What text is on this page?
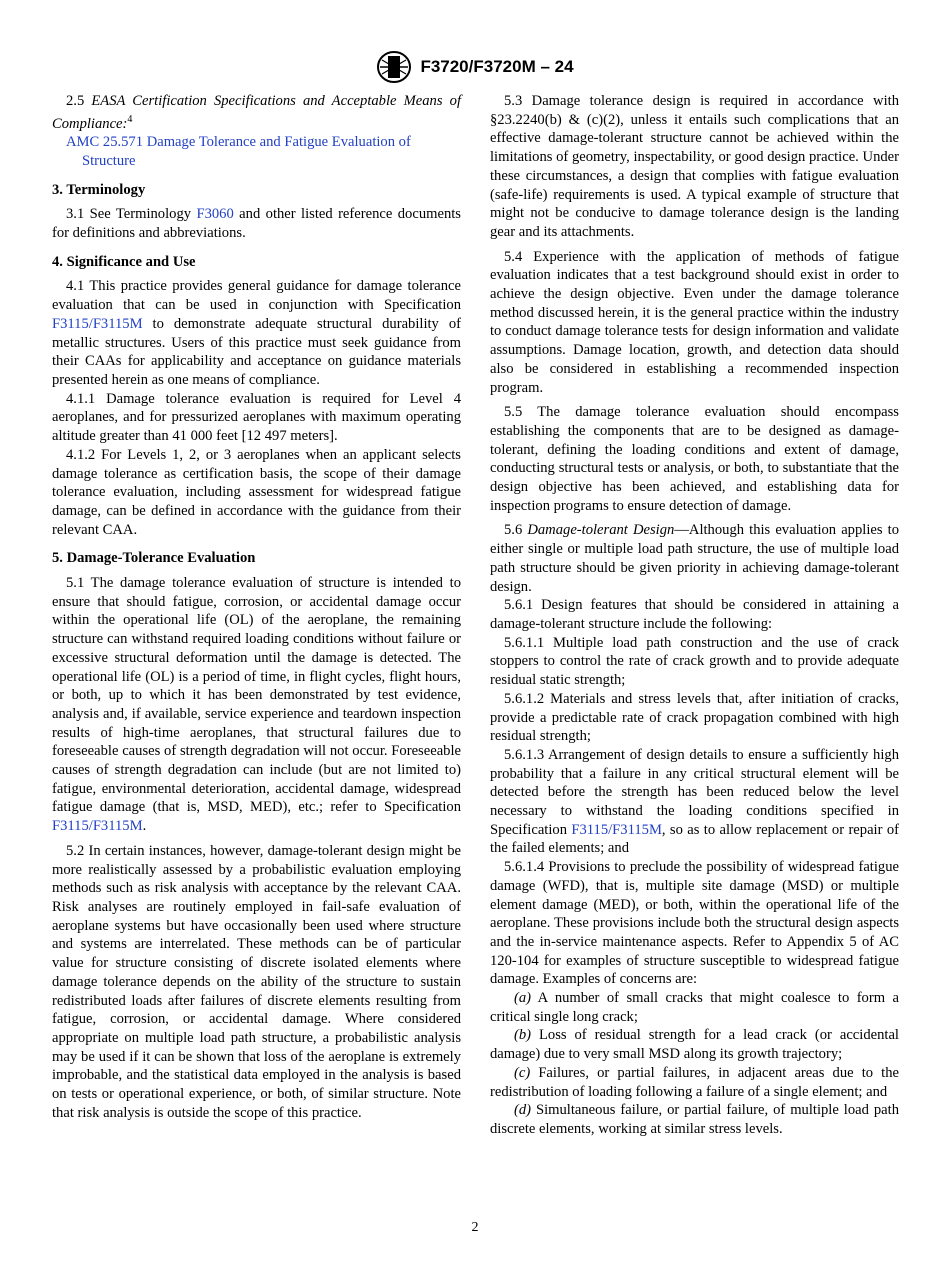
F3720/F3720M – 24

2.5 EASA Certification Specifications and Acceptable Means of Compliance:$^4$

AMC 25.571 Damage Tolerance and Fatigue Evaluation of Structure

3. Terminology

3.1 See Terminology F3060 and other listed reference documents for definitions and abbreviations.

4. Significance and Use

4.1 This practice provides general guidance for damage tolerance evaluation that can be used in conjunction with Specification F3115/F3115M to demonstrate adequate structural durability of metallic structures. Users of this practice must seek guidance from their CAAs for applicability and acceptance on guidance materials presented herein as one means of compliance.

4.1.1 Damage tolerance evaluation is required for Level 4 aeroplanes, and for pressurized aeroplanes with maximum operating altitude greater than 41 000 feet [12 497 meters].

4.1.2 For Levels 1, 2, or 3 aeroplanes when an applicant selects damage tolerance as certification basis, the scope of their damage tolerance evaluation, including assessment for widespread fatigue damage, can be defined in accordance with the guidance from their relevant CAA.

5. Damage-Tolerance Evaluation

5.1 The damage tolerance evaluation of structure is intended to ensure that should fatigue, corrosion, or accidental damage occur within the operational life (OL) of the aeroplane, the remaining structure can withstand required loading conditions without failure or excessive structural deformation until the damage is detected. The operational life (OL) is a period of time, in flight cycles, flight hours, or both, up to which it has been demonstrated by test evidence, analysis and, if available, service experience and teardown inspection results of high-time aeroplanes, that structural failures due to foreseeable causes of strength degradation will not occur. Foreseeable causes of strength degradation can include (but are not limited to) fatigue, environmental deterioration, accidental damage, widespread fatigue damage (that is, MSD, MED), etc.; refer to Specification F3115/F3115M.

5.2 In certain instances, however, damage-tolerant design might be more realistically assessed by a probabilistic evaluation employing methods such as risk analysis with acceptance by the relevant CAA. Risk analyses are routinely employed in fail-safe evaluation of aeroplane systems but have occasionally been used where structure and systems are interrelated. These methods can be of particular value for structure consisting of discrete isolated elements where damage tolerance depends on the ability of the structure to sustain redistributed loads after failures of discrete elements resulting from fatigue, corrosion, or accidental damage. Where considered appropriate on multiple load path structure, a probabilistic analysis may be used if it can be shown that loss of the aeroplane is extremely improbable, and the statistical data employed in the analysis is based on tests or operational experience, or both, of similar structure. Note that risk analysis is outside the scope of this practice.

5.3 Damage tolerance design is required in accordance with §23.2240(b) & (c)(2), unless it entails such complications that an effective damage-tolerant structure cannot be achieved within the limitations of geometry, inspectability, or good design practice. Under these circumstances, a design that complies with fatigue evaluation (safe-life) requirements is used. A typical example of structure that might not be conducive to damage tolerance design is the landing gear and its attachments.

5.4 Experience with the application of methods of fatigue evaluation indicates that a test background should exist in order to achieve the design objective. Even under the damage tolerance method discussed herein, it is the general practice within the industry to conduct damage tolerance tests for design information and validate assumptions. Damage location, growth, and detection data should also be considered in establishing a recommended inspection program.

5.5 The damage tolerance evaluation should encompass establishing the components that are to be designed as damage-tolerant, defining the loading conditions and extent of damage, conducting structural tests or analysis, or both, to substantiate that the design objective has been achieved, and establishing data for inspection programs to ensure detection of damage.

5.6 Damage-tolerant Design—Although this evaluation applies to either single or multiple load path structure, the use of multiple load path structure should be given priority in achieving damage-tolerant design.

5.6.1 Design features that should be considered in attaining a damage-tolerant structure include the following:

5.6.1.1 Multiple load path construction and the use of crack stoppers to control the rate of crack growth and to provide adequate residual static strength;

5.6.1.2 Materials and stress levels that, after initiation of cracks, provide a predictable rate of crack propagation combined with high residual strength;

5.6.1.3 Arrangement of design details to ensure a sufficiently high probability that a failure in any critical structural element will be detected before the strength has been reduced below the level necessary to withstand the loading conditions specified in Specification F3115/F3115M, so as to allow replacement or repair of the failed elements; and

5.6.1.4 Provisions to preclude the possibility of widespread fatigue damage (WFD), that is, multiple site damage (MSD) or multiple element damage (MED), or both, within the operational life of the aeroplane. These provisions include both the structural design aspects and the in-service maintenance aspects. Refer to Appendix 5 of AC 120-104 for examples of structure susceptible to widespread fatigue damage. Examples of concerns are:

(a) A number of small cracks that might coalesce to form a critical single long crack;

(b) Loss of residual strength for a lead crack (or accidental damage) due to very small MSD along its growth trajectory;

(c) Failures, or partial failures, in adjacent areas due to the redistribution of loading following a failure of a single element; and

(d) Simultaneous failure, or partial failure, of multiple load path discrete elements, working at similar stress levels.

2
